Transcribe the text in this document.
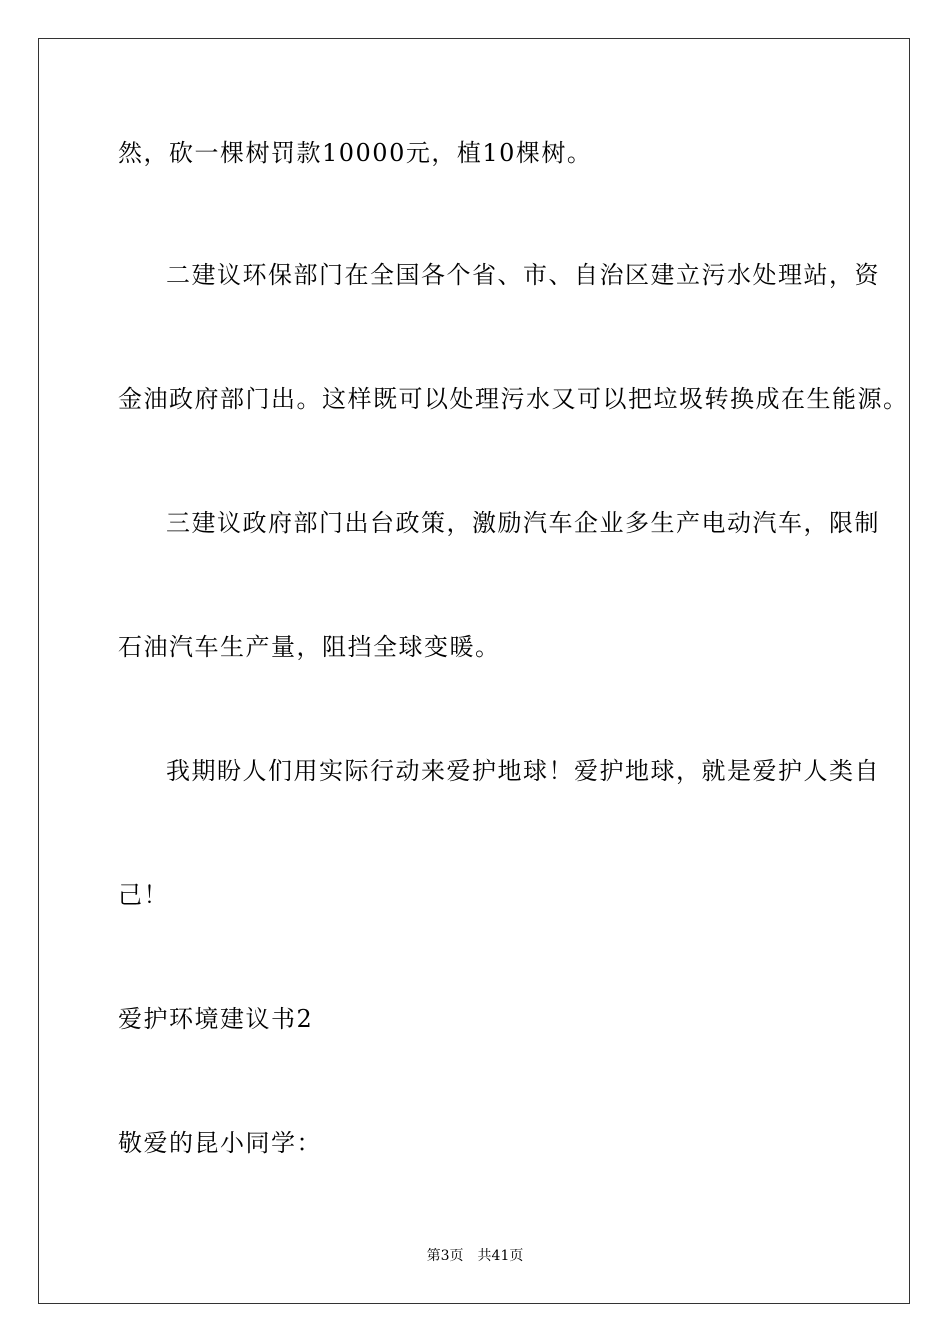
然，砍一棵树罚款10000元，植10棵树。
二建议环保部门在全国各个省、市、自治区建立污水处理站，资
金油政府部门出。这样既可以处理污水又可以把垃圾转换成在生能源。
三建议政府部门出台政策，激励汽车企业多生产电动汽车，限制
石油汽车生产量，阻挡全球变暖。
我期盼人们用实际行动来爱护地球！爱护地球，就是爱护人类自
己！
爱护环境建议书2
敬爱的昆小同学：
第3页 共41页
